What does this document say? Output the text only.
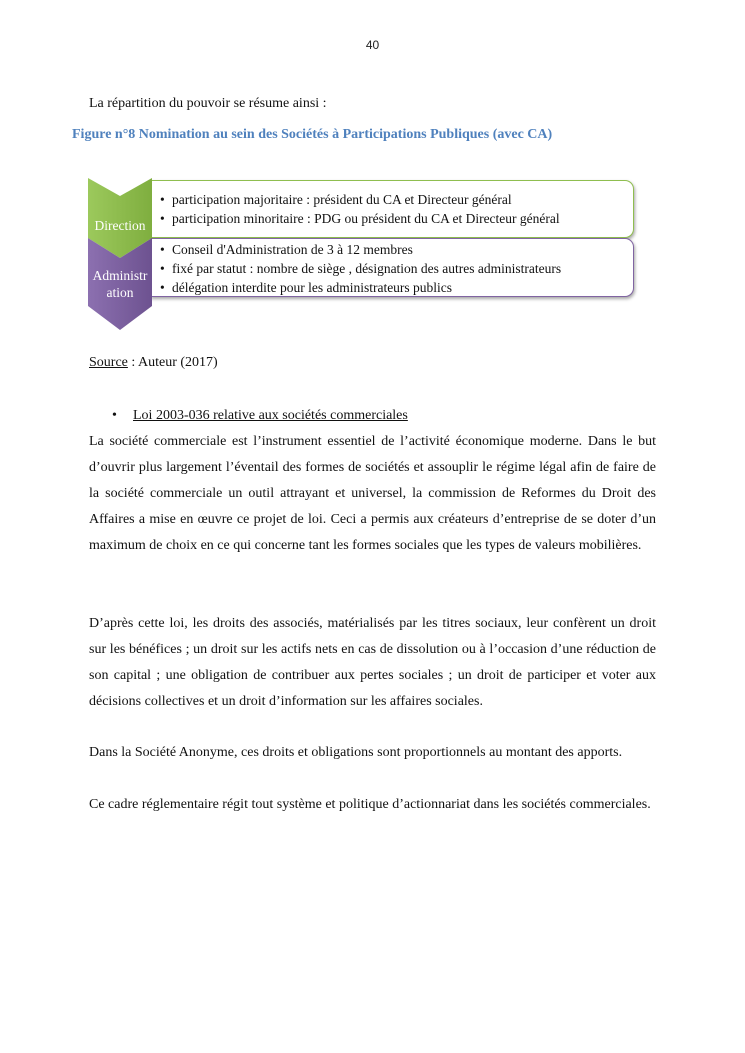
40
La répartition du pouvoir se résume ainsi :
Figure n°8 Nomination au sein des Sociétés à Participations Publiques (avec CA)
• participation majoritaire : président du CA et Directeur général
• participation minoritaire : PDG ou président du CA et Directeur général
• Conseil d'Administration de 3 à 12 membres
• fixé par statut : nombre de siège , désignation des autres administrateurs
• délégation interdite pour les administrateurs publics
Direction
Administr
ation
Source : Auteur (2017)
• Loi 2003-036 relative aux sociétés commerciales

La société commerciale est l’instrument essentiel de l’activité économique moderne. Dans le but d’ouvrir plus largement l’éventail des formes de sociétés et assouplir le régime légal afin de faire de la société commerciale un outil attrayant et universel, la commission de Reformes du Droit des Affaires a mise en œuvre ce projet de loi. Ceci a permis aux créateurs d’entreprise de se doter d’un maximum de choix en ce qui concerne tant les formes sociales que les types de valeurs mobilières.

D’après cette loi, les droits des associés, matérialisés par les titres sociaux, leur confèrent un droit sur les bénéfices ; un droit sur les actifs nets en cas de dissolution ou à l’occasion d’une réduction de son capital ; une obligation de contribuer aux pertes sociales ; un droit de participer et voter aux décisions collectives et un droit d’information sur les affaires sociales.

Dans la Société Anonyme, ces droits et obligations sont proportionnels au montant des apports.

Ce cadre réglementaire régit tout système et politique d’actionnariat dans les sociétés commerciales.
